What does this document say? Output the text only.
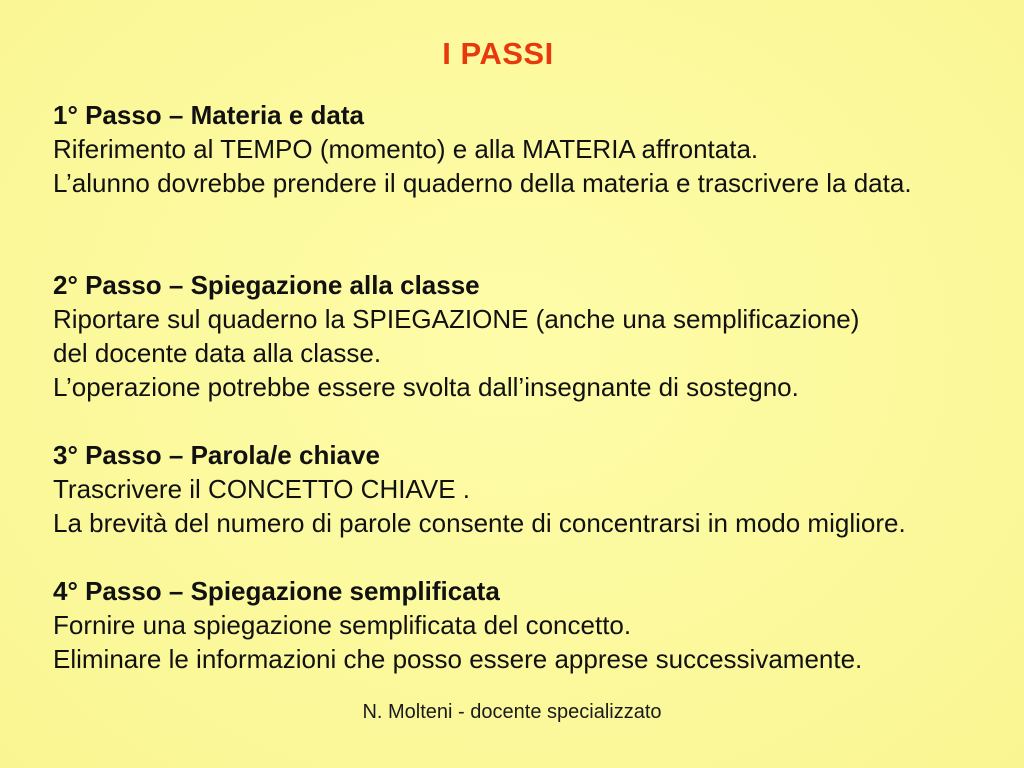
I PASSI
1° Passo – Materia e data
Riferimento al TEMPO (momento) e alla MATERIA affrontata.
L’alunno dovrebbe prendere il quaderno della materia e trascrivere la data.
2° Passo – Spiegazione alla classe
Riportare sul quaderno la SPIEGAZIONE (anche una semplificazione)
del docente data alla classe.
L’operazione potrebbe essere svolta dall’insegnante di sostegno.
3° Passo – Parola/e chiave
Trascrivere il CONCETTO CHIAVE .
La brevità del numero di parole consente di concentrarsi in modo migliore.
4° Passo – Spiegazione semplificata
Fornire una spiegazione semplificata del concetto.
Eliminare le informazioni che posso essere apprese successivamente.
N. Molteni - docente specializzato
